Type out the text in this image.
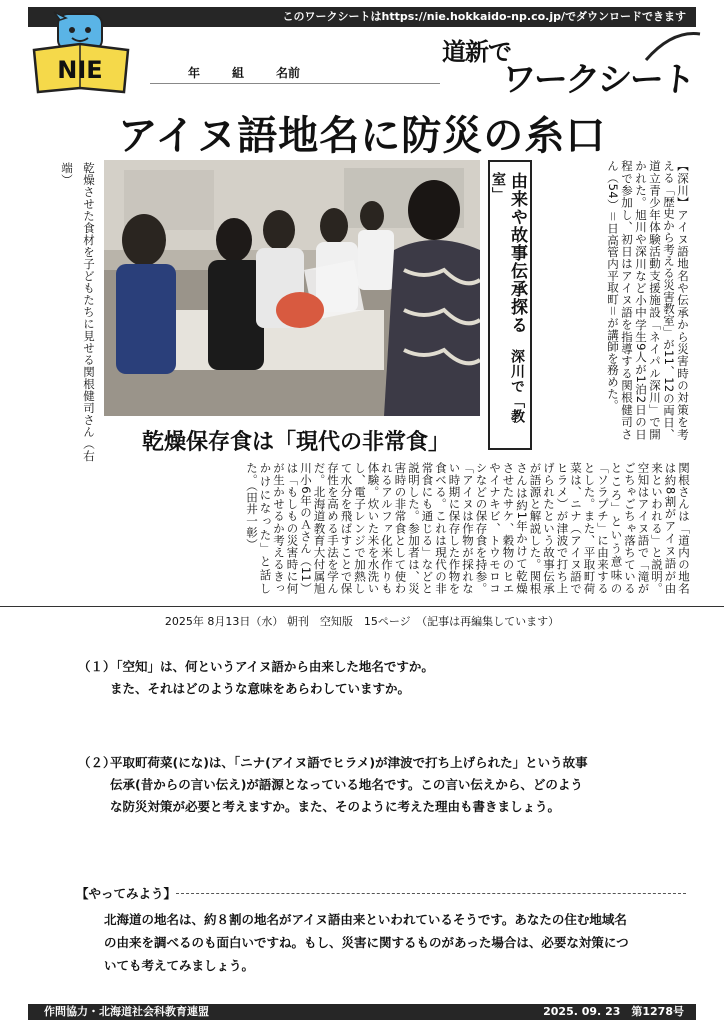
このワークシートはhttps://nie.hokkaido-np.co.jp/でダウンロードできます
NIE	年	組	名前
道新で
ワークシート
アイヌ語地名に防災の糸口
乾燥させた食材を子どもたちに見せる関根健司さん（右端）	由来や故事伝承探る 深川で「教室」	【深川】アイヌ語地名や伝承から災害時の対策を考える「歴史から考える災害教室」が11、12の両日、道立青少年体験活動支援施設「ネイパル深川」で開かれた。旭川や深川など小中学生9人が1泊2日の日程で参加し、初日はアイヌ語を指導する関根健司さん（54）＝日高管内平取町＝が講師を務めた。
乾燥保存食は「現代の非常食」
関根さんは「道内の地名は約8割がアイヌ語が由来といわれる」と説明。空知はアイヌ語で「滝がごちゃごちゃ落ちているところ」という意味の「ソラプチ」に由来するとした。また、平取町荷菜は、ニナ（アイヌ語でヒラメ）が津波で打ち上げられたという故事伝承が語源と解説した。関根さんは約1年かけて乾燥させたサケ、穀物のヒエやイナキビ、トウモロコシなどの保存食を持参。「アイヌは作物が採れない時期に保存した作物を食べる。これは現代の非常食にも通じる」などと説明した。参加者は、災害時の非常食として使われるアルファ化米作りも体験。炊いた米を水洗いし、電子レンジで加熱して水分を飛ばすことで保存性を高める手法を学んだ。北海道教育大付属旭川小6年のＡさん（11）は「もしもの災害時に何が生かせるか考えるきっかけになった」と話した。（田井一彰）
2025年 8月13日（水） 朝刊　空知版　15ページ　（記事は再編集しています）
（１）
「空知」は、何というアイヌ語から由来した地名ですか。
また、それはどのような意味をあらわしていますか。
（２）
平取町荷菜(にな)は、「ニナ(アイヌ語でヒラメ)が津波で打ち上げられた」という故事
伝承(昔からの言い伝え)が語源となっている地名です。この言い伝えから、どのよう
な防災対策が必要と考えますか。また、そのように考えた理由も書きましょう。
【やってみよう】
北海道の地名は、約８割の地名がアイヌ語由来といわれているそうです。あなたの住む地域名
の由来を調べるのも面白いですね。もし、災害に関するものがあった場合は、必要な対策につ
いても考えてみましょう。
作問協力・北海道社会科教育連盟	2025. 09. 23　第1278号
